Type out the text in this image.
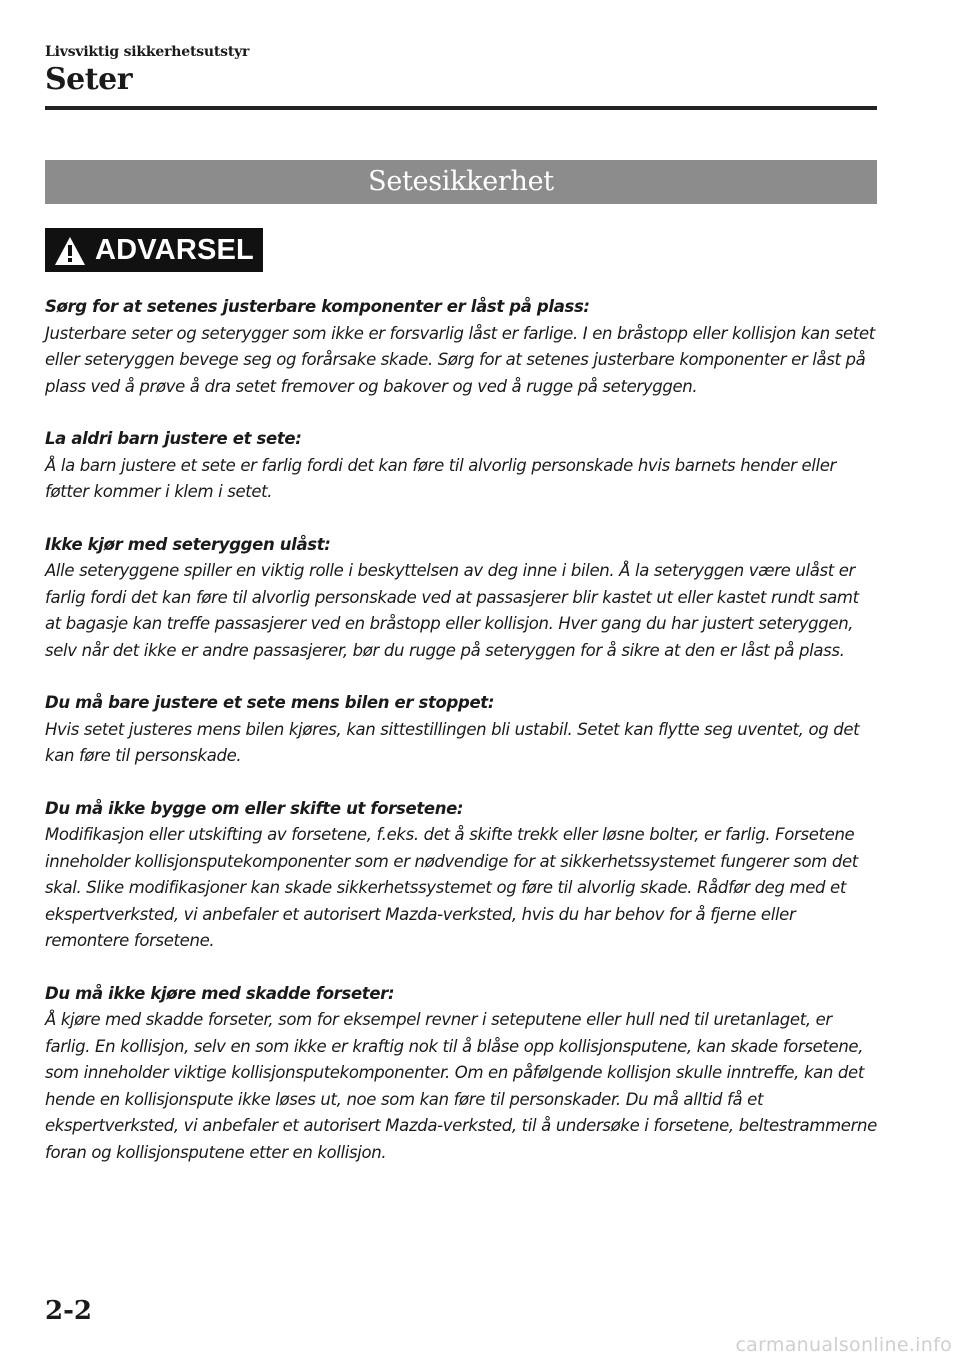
Livsviktig sikkerhetsutstyr
Seter
Setesikkerhet
ADVARSEL

Sørg for at setenes justerbare komponenter er låst på plass:

Justerbare seter og seterygger som ikke er forsvarlig låst er farlige. I en bråstopp eller kollisjon kan setet eller seteryggen bevege seg og forårsake skade. Sørg for at setenes justerbare komponenter er låst på plass ved å prøve å dra setet fremover og bakover og ved å rugge på seteryggen.

La aldri barn justere et sete:

Å la barn justere et sete er farlig fordi det kan føre til alvorlig personskade hvis barnets hender eller føtter kommer i klem i setet.

Ikke kjør med seteryggen ulåst:

Alle seteryggene spiller en viktig rolle i beskyttelsen av deg inne i bilen. Å la seteryggen være ulåst er farlig fordi det kan føre til alvorlig personskade ved at passasjerer blir kastet ut eller kastet rundt samt at bagasje kan treffe passasjerer ved en bråstopp eller kollisjon. Hver gang du har justert seteryggen, selv når det ikke er andre passasjerer, bør du rugge på seteryggen for å sikre at den er låst på plass.

Du må bare justere et sete mens bilen er stoppet:

Hvis setet justeres mens bilen kjøres, kan sittestillingen bli ustabil. Setet kan flytte seg uventet, og det kan føre til personskade.

Du må ikke bygge om eller skifte ut forsetene:

Modifikasjon eller utskifting av forsetene, f.eks. det å skifte trekk eller løsne bolter, er farlig. Forsetene inneholder kollisjonsputekomponenter som er nødvendige for at sikkerhetssystemet fungerer som det skal. Slike modifikasjoner kan skade sikkerhetssystemet og føre til alvorlig skade. Rådfør deg med et ekspertverksted, vi anbefaler et autorisert Mazda-verksted, hvis du har behov for å fjerne eller remontere forsetene.

Du må ikke kjøre med skadde forseter:

Å kjøre med skadde forseter, som for eksempel revner i seteputene eller hull ned til uretanlaget, er farlig. En kollisjon, selv en som ikke er kraftig nok til å blåse opp kollisjonsputene, kan skade forsetene, som inneholder viktige kollisjonsputekomponenter. Om en påfølgende kollisjon skulle inntreffe, kan det hende en kollisjonspute ikke løses ut, noe som kan føre til personskader. Du må alltid få et ekspertverksted, vi anbefaler et autorisert Mazda-verksted, til å undersøke i forsetene, beltestrammerne foran og kollisjonsputene etter en kollisjon.

2-2
carmanualsonline.info
